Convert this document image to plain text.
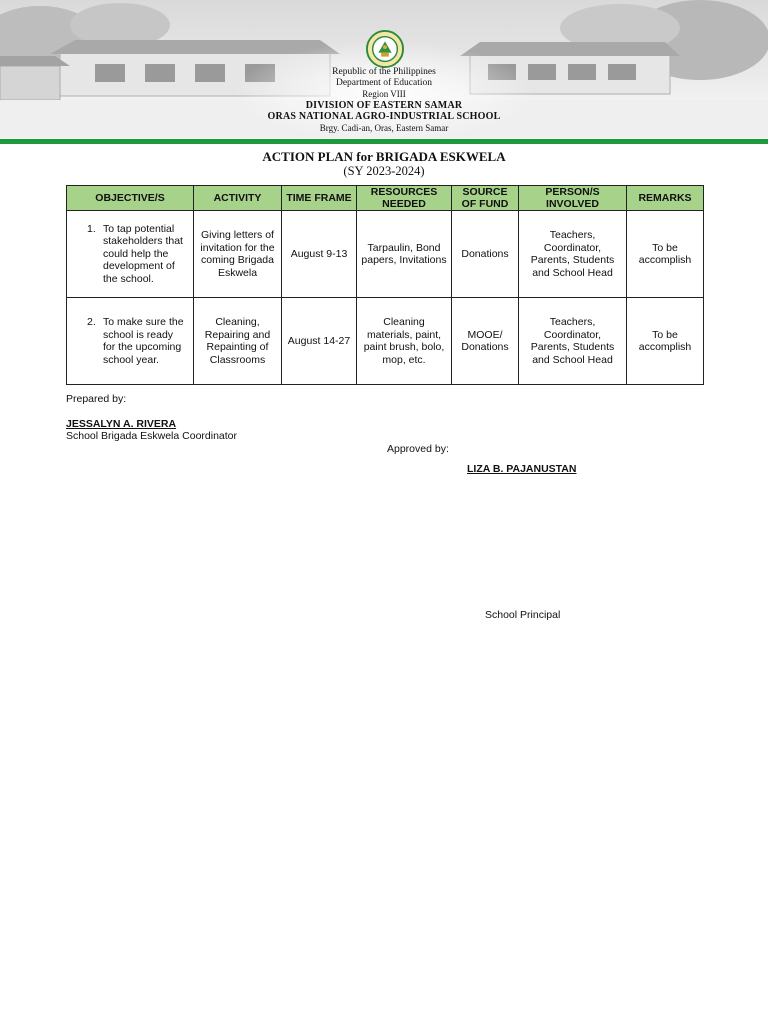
Republic of the Philippines
Department of Education
Region VIII
DIVISION OF EASTERN SAMAR
ORAS NATIONAL AGRO-INDUSTRIAL SCHOOL
Brgy. Cadi-an, Oras, Eastern Samar
ACTION PLAN for BRIGADA ESKWELA
(SY 2023-2024)
OBJECTIVE/S	ACTIVITY	TIME FRAME	RESOURCES NEEDED	SOURCE OF FUND	PERSON/S INVOLVED	REMARKS

1. To tap potential stakeholders that could help the development of the school.	Giving letters of invitation for the coming Brigada Eskwela	August 9-13	Tarpaulin, Bond papers, Invitations	Donations	Teachers, Coordinator, Parents, Students and School Head	To be accomplish

2. To make sure the school is ready for the upcoming school year.	Cleaning, Repairing and Repainting of Classrooms	August 14-27	Cleaning materials, paint, paint brush, bolo, mop, etc.	MOOE/ Donations	Teachers, Coordinator, Parents, Students and School Head	To be accomplish
Prepared by:
JESSALYN A. RIVERA
School Brigada Eskwela Coordinator
Approved by:
LIZA B. PAJANUSTAN
School Principal
